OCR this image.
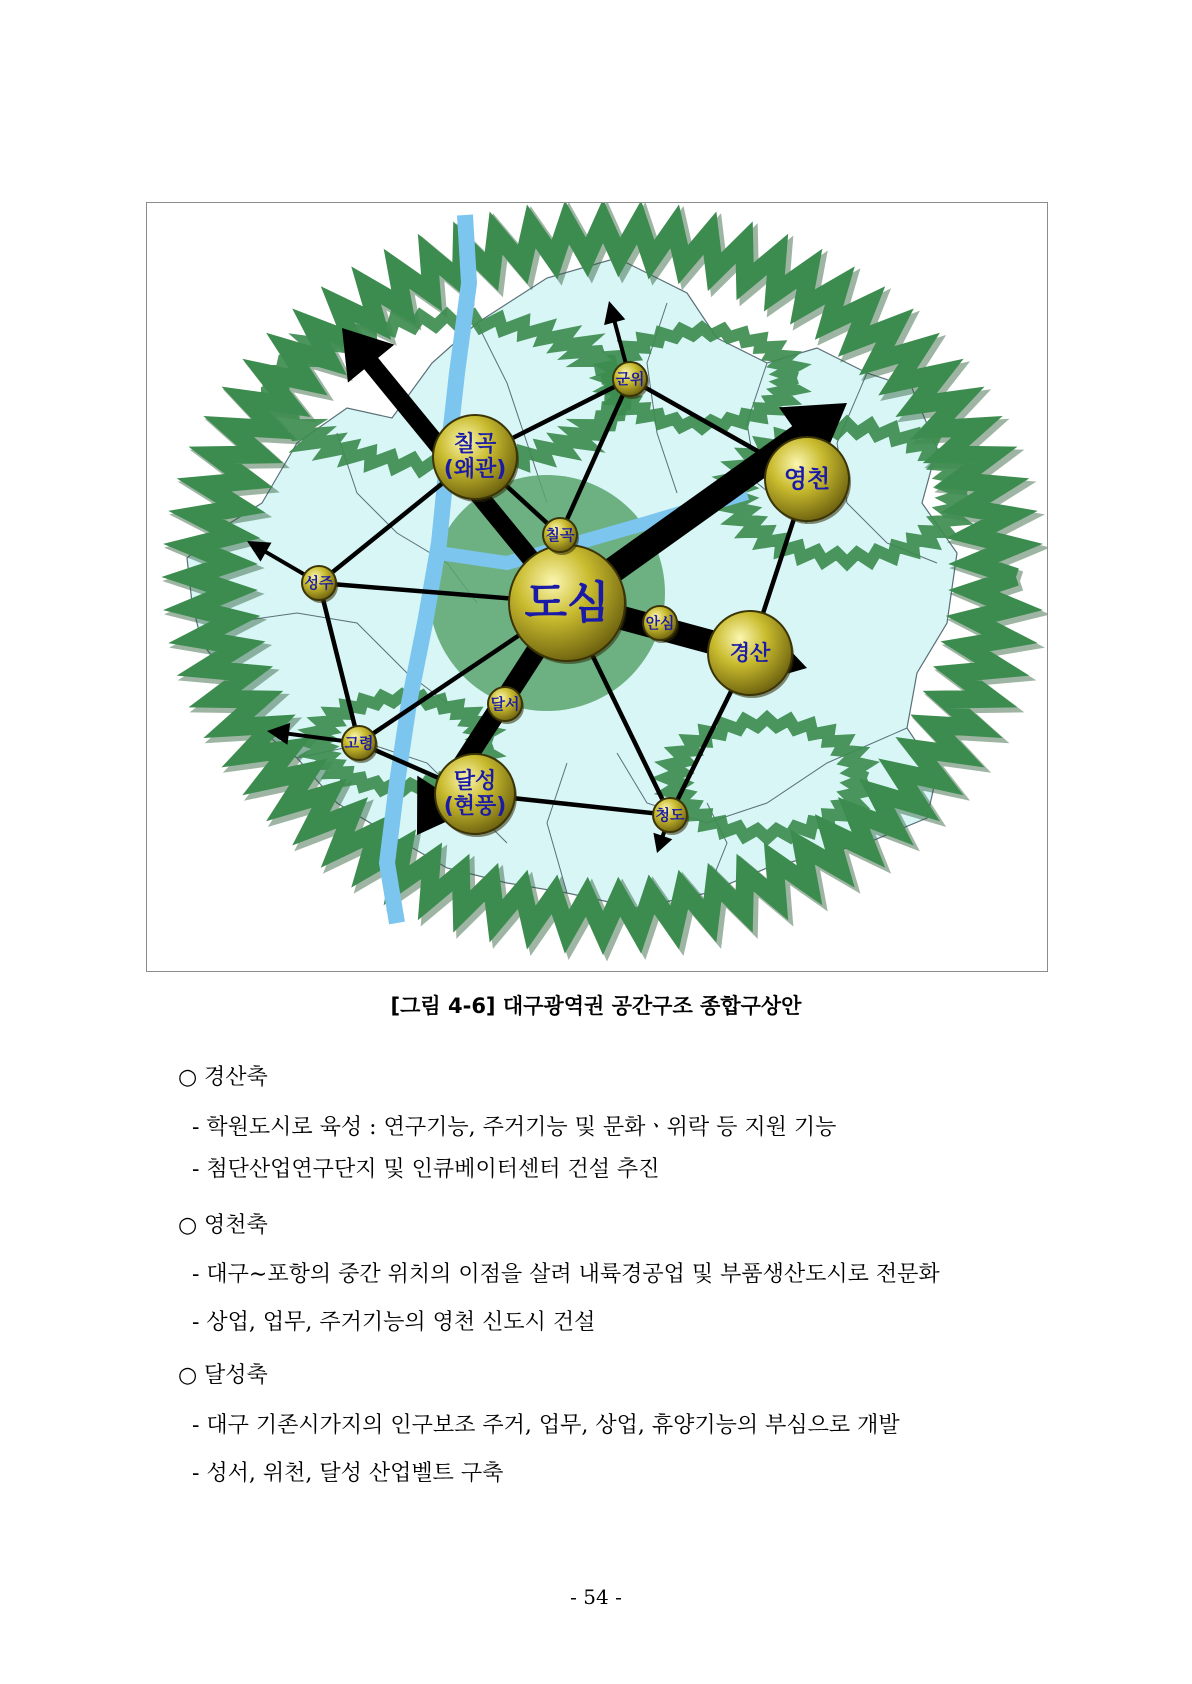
도심
칠곡
(왜관)	영천
경산
달성
(현풍)
군위
칠곡
성주
안심
달서
고령
청도
[그림 4-6] 대구광역권 공간구조 종합구상안
○ 경산축
- 학원도시로 육성 : 연구기능, 주거기능 및 문화ㆍ위락 등 지원 기능
- 첨단산업연구단지 및 인큐베이터센터 건설 추진
○ 영천축
- 대구∼포항의 중간 위치의 이점을 살려 내륙경공업 및 부품생산도시로 전문화
- 상업, 업무, 주거기능의 영천 신도시 건설
○ 달성축
- 대구 기존시가지의 인구보조 주거, 업무, 상업, 휴양기능의 부심으로 개발
- 성서, 위천, 달성 산업벨트 구축
- 54 -
